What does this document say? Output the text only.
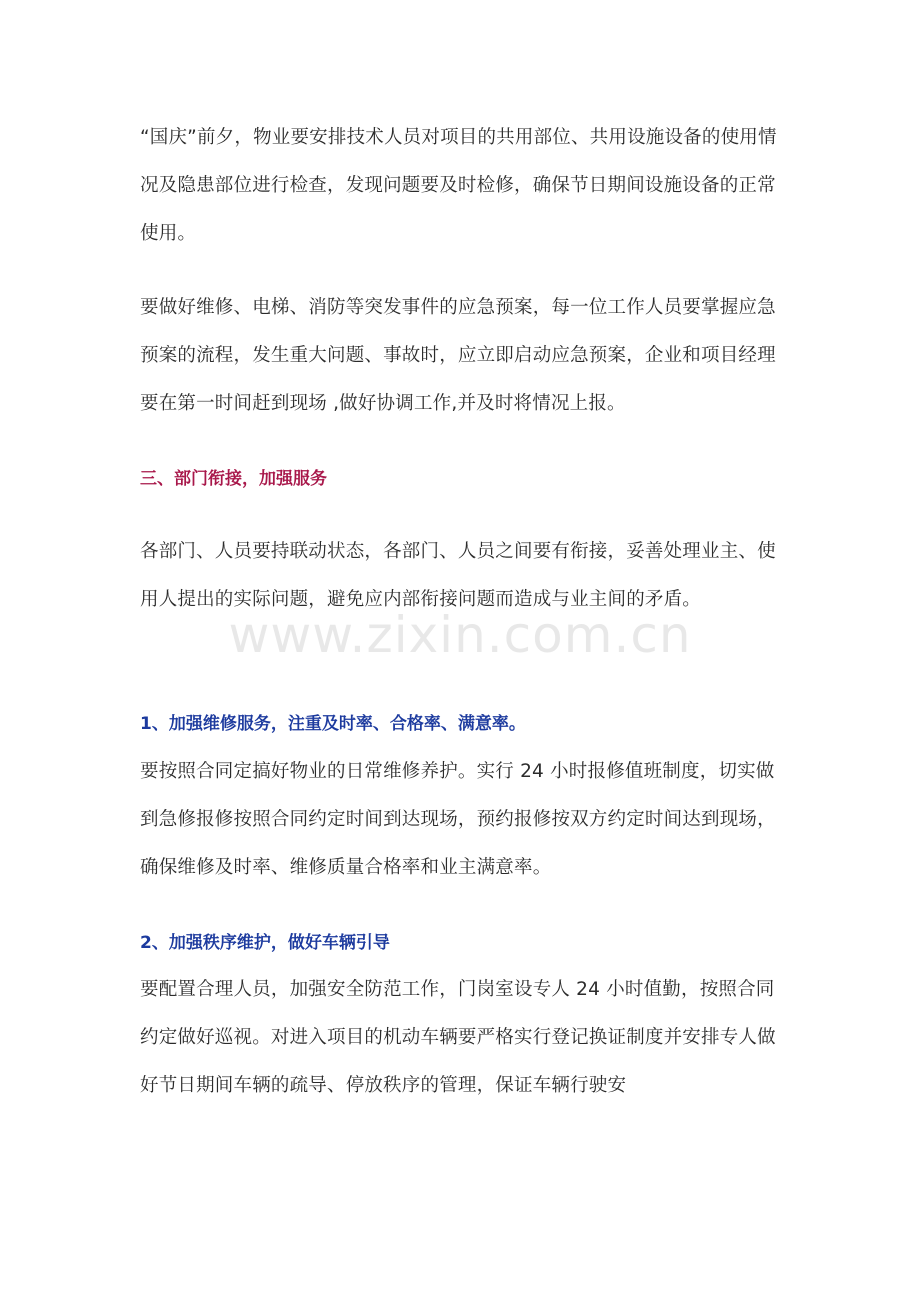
“国庆”前夕，物业要安排技术人员对项目的共用部位、共用设施设备的使用情况及隐患部位进行检查，发现问题要及时检修，确保节日期间设施设备的正常使用。

要做好维修、电梯、消防等突发事件的应急预案，每一位工作人员要掌握应急预案的流程，发生重大问题、事故时，应立即启动应急预案，企业和项目经理要在第一时间赶到现场 ,做好协调工作,并及时将情况上报。

三、部门衔接，加强服务

各部门、人员要持联动状态，各部门、人员之间要有衔接，妥善处理业主、使用人提出的实际问题，避免应内部衔接问题而造成与业主间的矛盾。

1、加强维修服务，注重及时率、合格率、满意率。

要按照合同定搞好物业的日常维修养护。实行 24 小时报修值班制度，切实做到急修报修按照合同约定时间到达现场，预约报修按双方约定时间达到现场，确保维修及时率、维修质量合格率和业主满意率。

2、加强秩序维护，做好车辆引导

要配置合理人员，加强安全防范工作，门岗室设专人 24 小时值勤，按照合同约定做好巡视。对进入项目的机动车辆要严格实行登记换证制度并安排专人做好节日期间车辆的疏导、停放秩序的管理，保证车辆行驶安

www.zixin.com.cn
